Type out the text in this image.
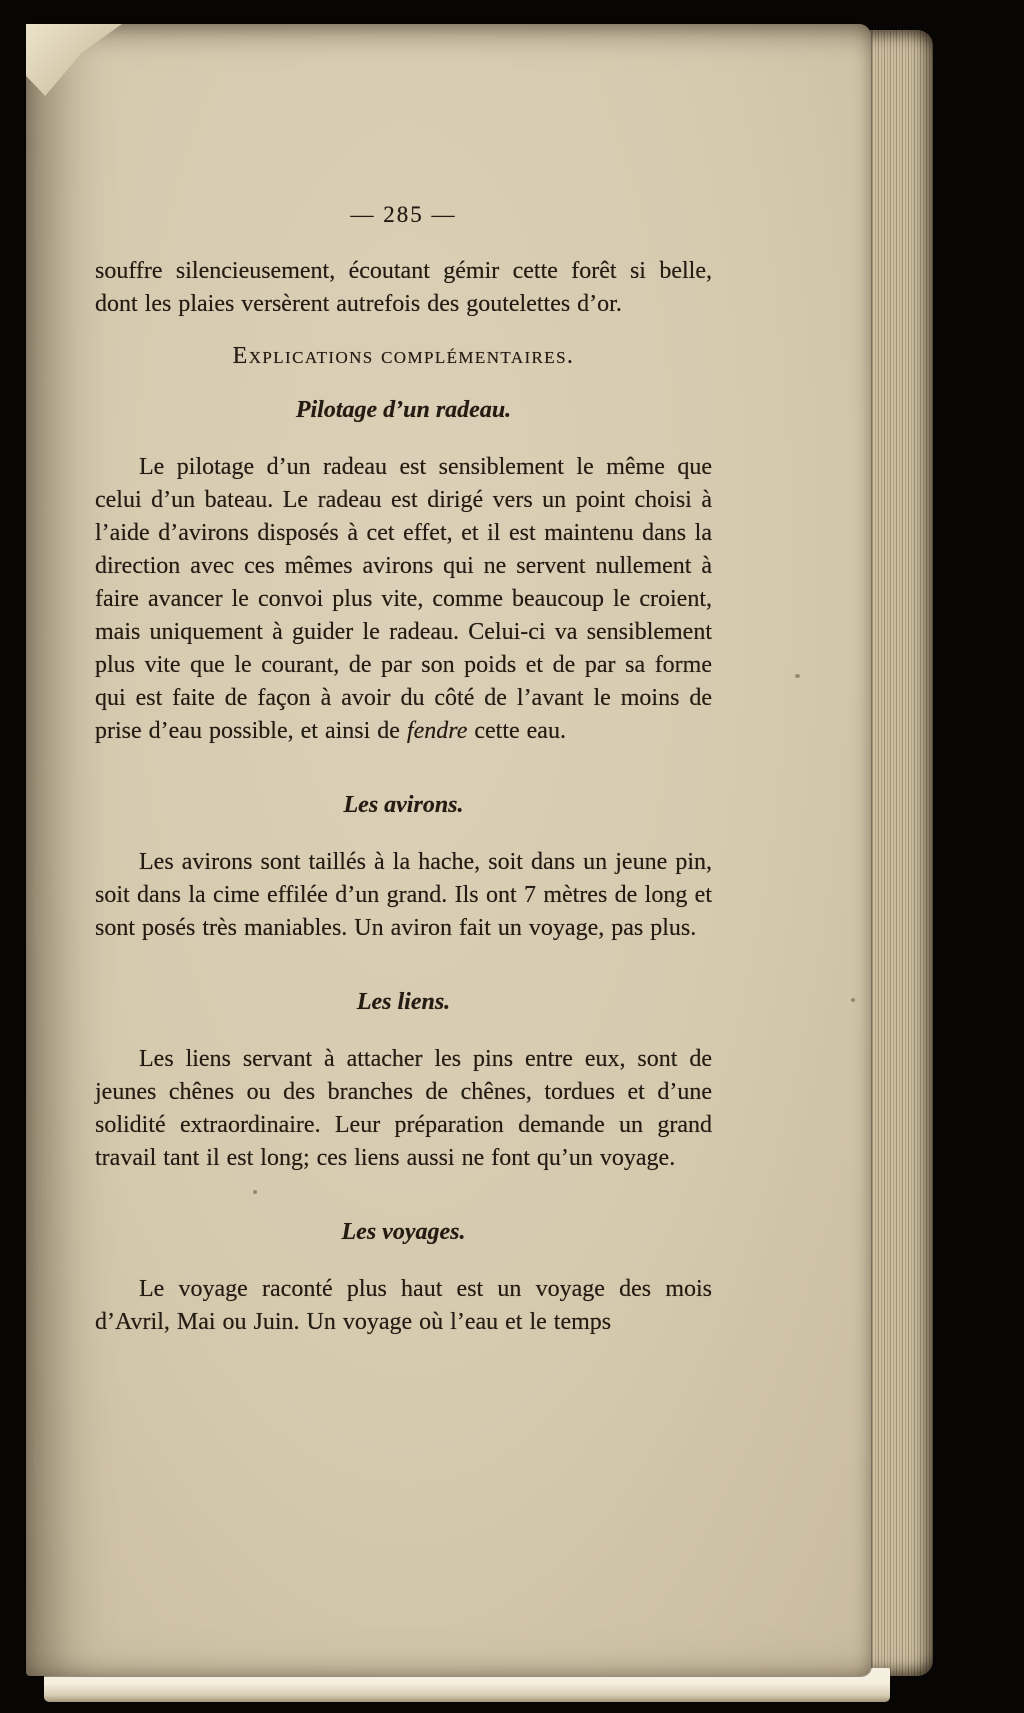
— 285 —

souffre silencieusement, écoutant gémir cette forêt si belle, dont les plaies versèrent autrefois des goutelettes d’or.

Explications complémentaires.
Pilotage d’un radeau.

Le pilotage d’un radeau est sensiblement le même que celui d’un bateau. Le radeau est dirigé vers un point choisi à l’aide d’avirons disposés à cet effet, et il est maintenu dans la direction avec ces mêmes avirons qui ne servent nullement à faire avancer le convoi plus vite, comme beaucoup le croient, mais uniquement à guider le radeau. Celui-ci va sensiblement plus vite que le courant, de par son poids et de par sa forme qui est faite de façon à avoir du côté de l’avant le moins de prise d’eau possible, et ainsi de fendre cette eau.

Les avirons.

Les avirons sont taillés à la hache, soit dans un jeune pin, soit dans la cime effilée d’un grand. Ils ont 7 mètres de long et sont posés très maniables. Un aviron fait un voyage, pas plus.

Les liens.

Les liens servant à attacher les pins entre eux, sont de jeunes chênes ou des branches de chênes, tordues et d’une solidité extraordinaire. Leur préparation demande un grand travail tant il est long; ces liens aussi ne font qu’un voyage.

Les voyages.

Le voyage raconté plus haut est un voyage des mois d’Avril, Mai ou Juin. Un voyage où l’eau et le temps
